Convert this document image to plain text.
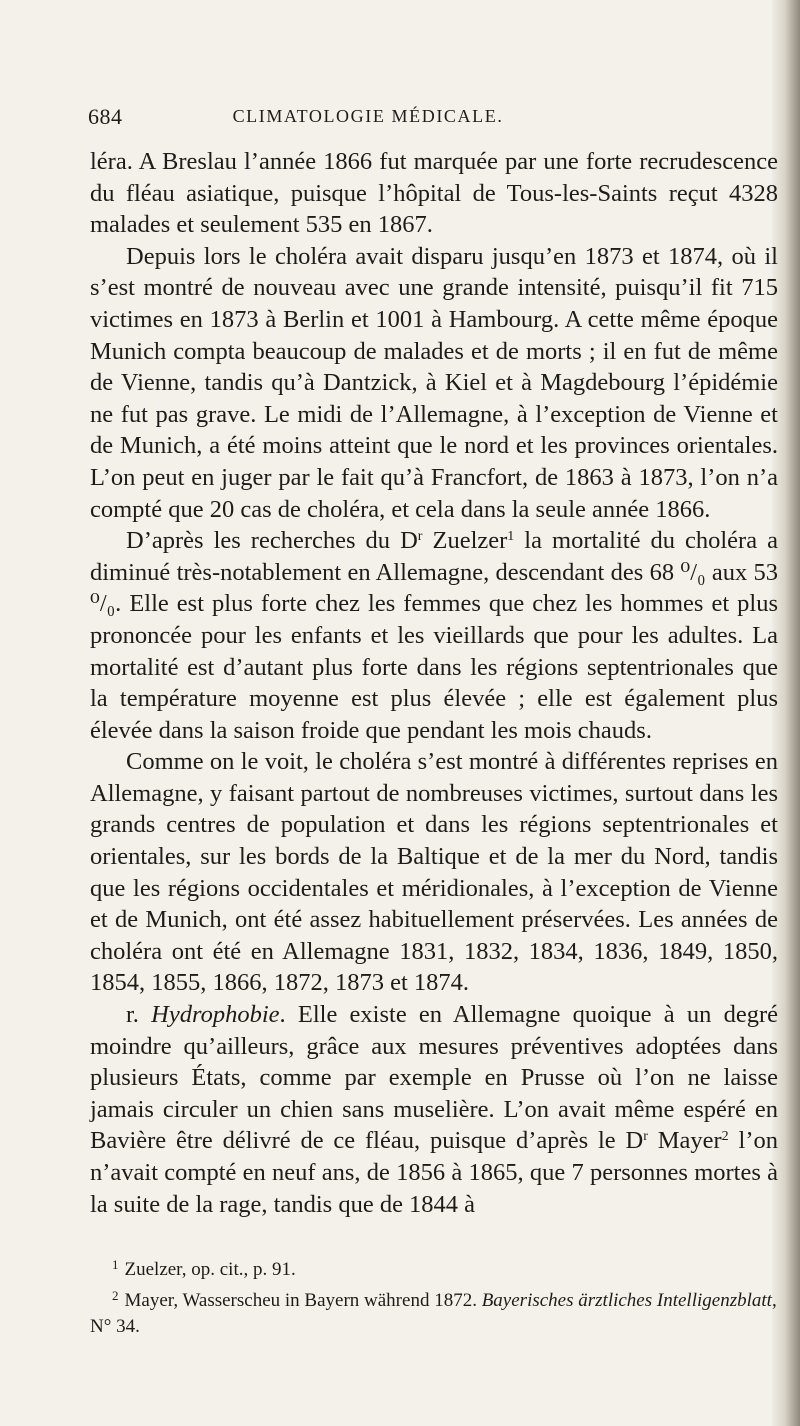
684	CLIMATOLOGIE MÉDICALE.

léra. A Breslau l’année 1866 fut marquée par une forte recrudescence du fléau asiatique, puisque l’hôpital de Tous-les-Saints reçut 4328 malades et seulement 535 en 1867.

Depuis lors le choléra avait disparu jusqu’en 1873 et 1874, où il s’est montré de nouveau avec une grande intensité, puisqu’il fit 715 victimes en 1873 à Berlin et 1001 à Hambourg. A cette même époque Munich compta beaucoup de malades et de morts ; il en fut de même de Vienne, tandis qu’à Dantzick, à Kiel et à Magdebourg l’épidémie ne fut pas grave. Le midi de l’Allemagne, à l’exception de Vienne et de Munich, a été moins atteint que le nord et les provinces orientales. L’on peut en juger par le fait qu’à Francfort, de 1863 à 1873, l’on n’a compté que 20 cas de choléra, et cela dans la seule année 1866.

D’après les recherches du $D^r$ Zuelzer$^1$ la mortalité du choléra a diminué très-notablement en Allemagne, descendant des 68 ⁰/₀ aux 53 ⁰/₀. Elle est plus forte chez les femmes que chez les hommes et plus prononcée pour les enfants et les vieillards que pour les adultes. La mortalité est d’autant plus forte dans les régions septentrionales que la température moyenne est plus élevée ; elle est également plus élevée dans la saison froide que pendant les mois chauds.

Comme on le voit, le choléra s’est montré à différentes reprises en Allemagne, y faisant partout de nombreuses victimes, surtout dans les grands centres de population et dans les régions septentrionales et orientales, sur les bords de la Baltique et de la mer du Nord, tandis que les régions occidentales et méridionales, à l’exception de Vienne et de Munich, ont été assez habituellement préservées. Les années de choléra ont été en Allemagne 1831, 1832, 1834, 1836, 1849, 1850, 1854, 1855, 1866, 1872, 1873 et 1874.

r. Hydrophobie. Elle existe en Allemagne quoique à un degré moindre qu’ailleurs, grâce aux mesures préventives adoptées dans plusieurs États, comme par exemple en Prusse où l’on ne laisse jamais circuler un chien sans muselière. L’on avait même espéré en Bavière être délivré de ce fléau, puisque d’après le $D^r$ Mayer$^2$ l’on n’avait compté en neuf ans, de 1856 à 1865, que 7 personnes mortes à la suite de la rage, tandis que de 1844 à

$^1$ Zuelzer, op. cit., p. 91.

$^2$ Mayer, Wasserscheu in Bayern während 1872. Bayerisches ärztliches Intelligenzblatt, N° 34.
